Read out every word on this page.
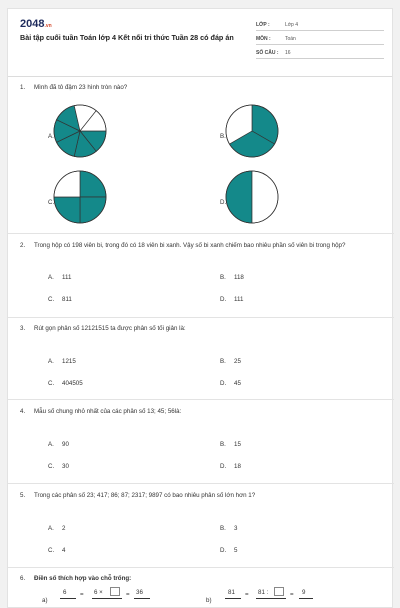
2048.vn
Bài tập cuối tuần Toán lớp 4 Kết nối tri thức Tuần 28 có đáp án
LỚP :	Lớp 4
MÔN :	Toán
SỐ CÂU : 16
1.	Mình đã tô đậm 23 hình tròn nào?
A.	B.
C.	D.
2.	Trong hộp có 198 viên bi, trong đó có 18 viên bi xanh. Vậy số bi xanh chiếm bao nhiêu phần số viên bi trong hộp?
A. 111	B. 118
C. 811	D. 111
3.	Rút gọn phân số 12121515 ta được phân số tối giản là:
A. 1215	B. 25
C. 404505	D. 45
4.	Mẫu số chung nhỏ nhất của các phân số 13; 45; 56là:
A. 90	B. 15
C. 30	D. 18
5.	Trong các phân số 23; 417; 86; 87; 2317; 9897 có bao nhiêu phân số lớn hơn 1?
A. 2	B. 3
C. 4	D. 5
6.	Điền số thích hợp vào chỗ trống:
a)
6 = 6 ×	= 36
b)
81 = 81 :	= 9
